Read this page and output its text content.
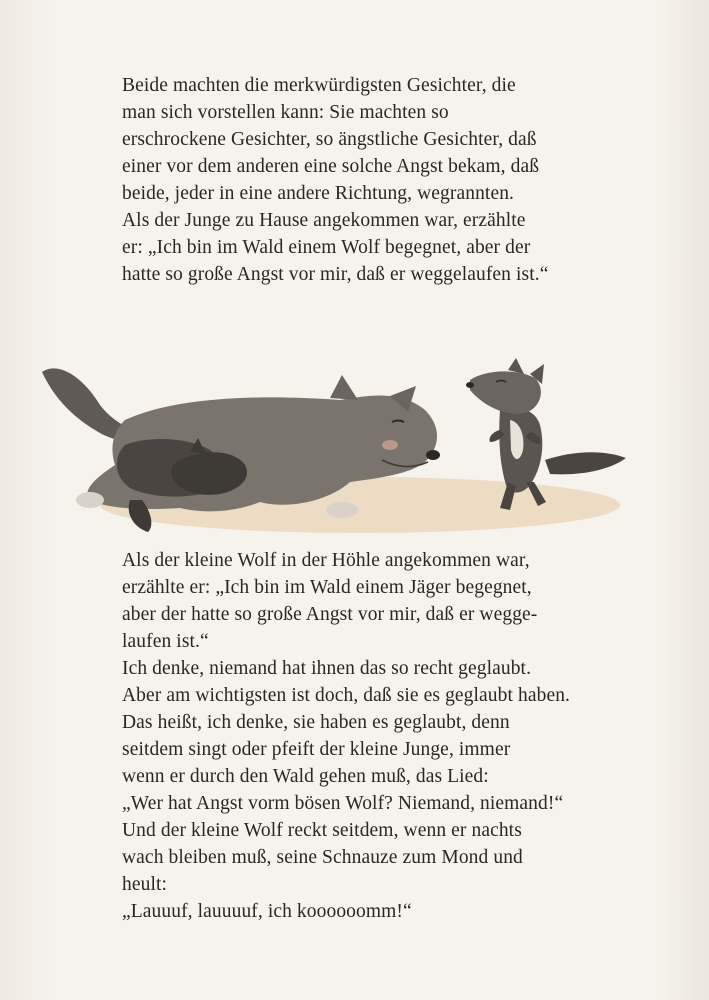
Beide machten die merkwürdigsten Gesichter, die
man sich vorstellen kann: Sie machten so
erschrockene Gesichter, so ängstliche Gesichter, daß
einer vor dem anderen eine solche Angst bekam, daß
beide, jeder in eine andere Richtung, wegrannten.
Als der Junge zu Hause angekommen war, erzählte
er: „Ich bin im Wald einem Wolf begegnet, aber der
hatte so große Angst vor mir, daß er weggelaufen ist.“
Als der kleine Wolf in der Höhle angekommen war,
erzählte er: „Ich bin im Wald einem Jäger begegnet,
aber der hatte so große Angst vor mir, daß er wegge-
laufen ist.“
Ich denke, niemand hat ihnen das so recht geglaubt.
Aber am wichtigsten ist doch, daß sie es geglaubt haben.
Das heißt, ich denke, sie haben es geglaubt, denn
seitdem singt oder pfeift der kleine Junge, immer
wenn er durch den Wald gehen muß, das Lied:
„Wer hat Angst vorm bösen Wolf? Niemand, niemand!“
Und der kleine Wolf reckt seitdem, wenn er nachts
wach bleiben muß, seine Schnauze zum Mond und
heult:
„Lauuuf, lauuuuf, ich koooooomm!“
